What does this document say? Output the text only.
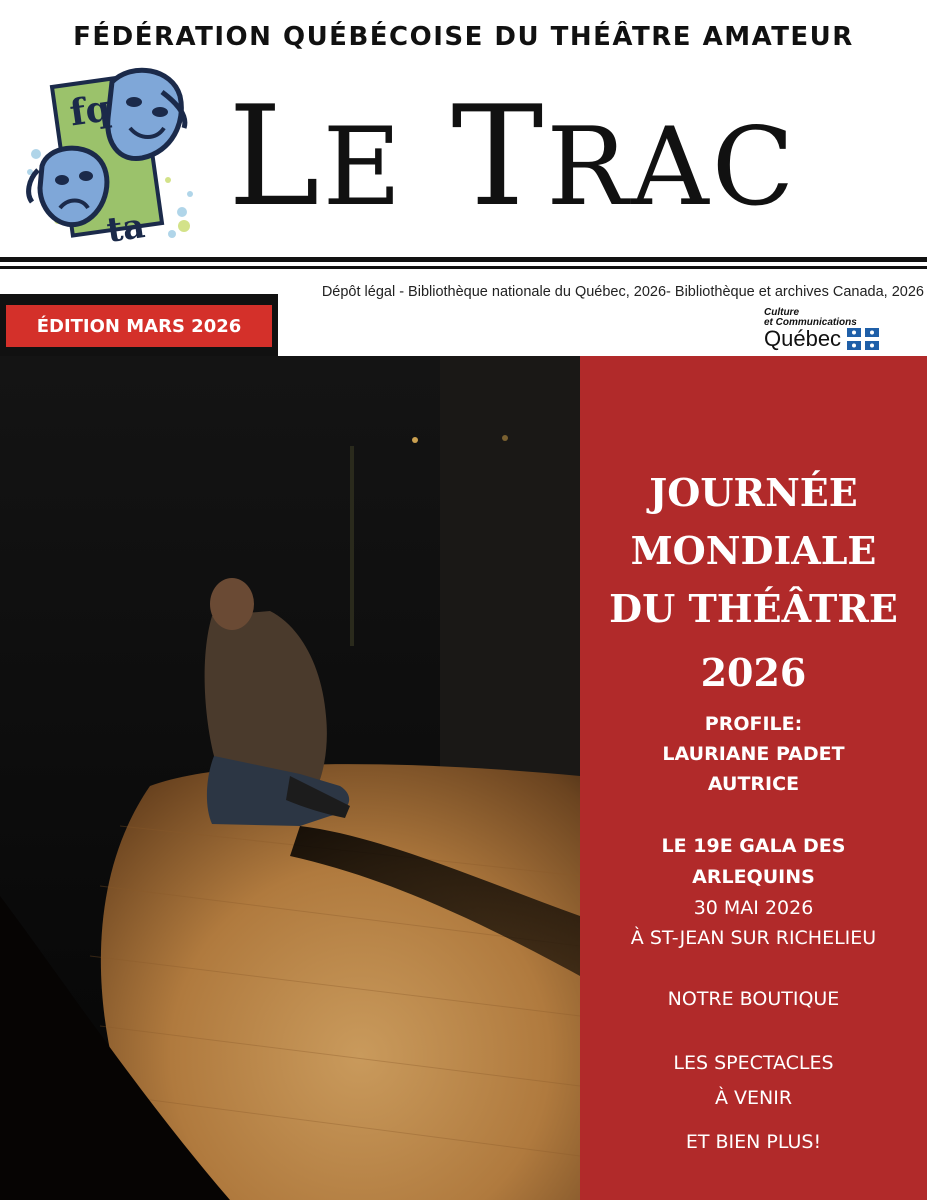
FÉDÉRATION QUÉBÉCOISE DU THÉÂTRE AMATEUR
fq
ta LE TRAC
Dépôt légal - Bibliothèque nationale du Québec, 2026- Bibliothèque et archives Canada, 2026
ÉDITION MARS 2026
Culture
et Communications
Québec
JOURNÉE
MONDIALE
DU THÉÂTRE
2026
PROFILE:
LAURIANE PADET
AUTRICE
LE 19E GALA DES
ARLEQUINS
30 MAI 2026
À ST-JEAN SUR RICHELIEU
NOTRE BOUTIQUE
LES SPECTACLES
À VENIR
ET BIEN PLUS!
